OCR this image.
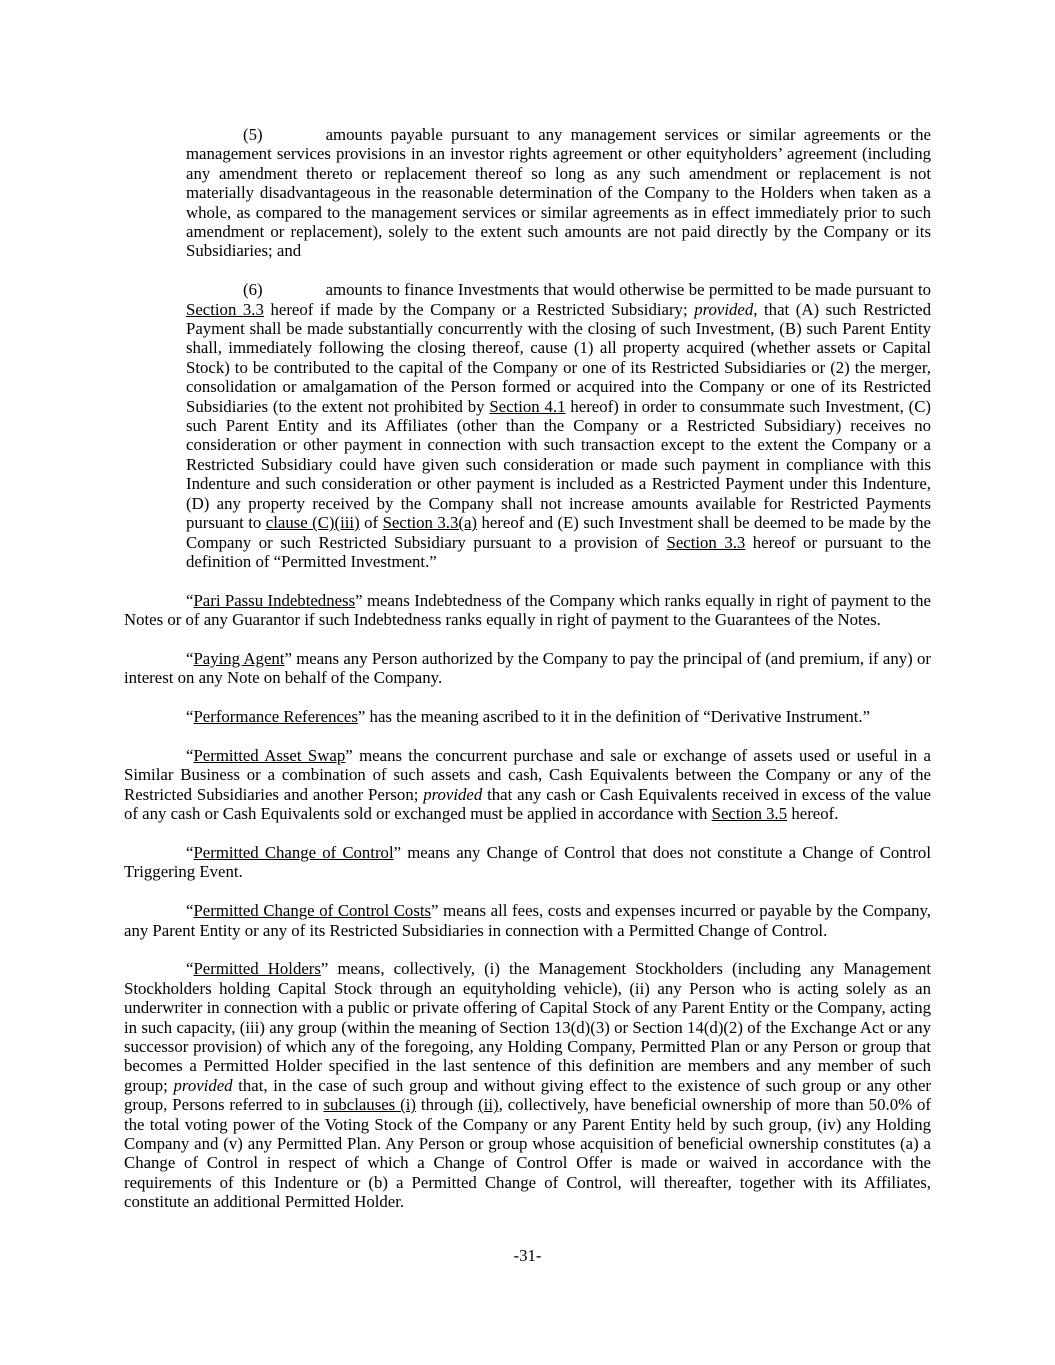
(5)	amounts payable pursuant to any management services or similar agreements or the management services provisions in an investor rights agreement or other equityholders’ agreement (including any amendment thereto or replacement thereof so long as any such amendment or replacement is not materially disadvantageous in the reasonable determination of the Company to the Holders when taken as a whole, as compared to the management services or similar agreements as in effect immediately prior to such amendment or replacement), solely to the extent such amounts are not paid directly by the Company or its Subsidiaries; and

(6)	amounts to finance Investments that would otherwise be permitted to be made pursuant to Section 3.3 hereof if made by the Company or a Restricted Subsidiary; provided, that (A) such Restricted Payment shall be made substantially concurrently with the closing of such Investment, (B) such Parent Entity shall, immediately following the closing thereof, cause (1) all property acquired (whether assets or Capital Stock) to be contributed to the capital of the Company or one of its Restricted Subsidiaries or (2) the merger, consolidation or amalgamation of the Person formed or acquired into the Company or one of its Restricted Subsidiaries (to the extent not prohibited by Section 4.1 hereof) in order to consummate such Investment, (C) such Parent Entity and its Affiliates (other than the Company or a Restricted Subsidiary) receives no consideration or other payment in connection with such transaction except to the extent the Company or a Restricted Subsidiary could have given such consideration or made such payment in compliance with this Indenture and such consideration or other payment is included as a Restricted Payment under this Indenture, (D) any property received by the Company shall not increase amounts available for Restricted Payments pursuant to clause (C)(iii) of Section 3.3(a) hereof and (E) such Investment shall be deemed to be made by the Company or such Restricted Subsidiary pursuant to a provision of Section 3.3 hereof or pursuant to the definition of “Permitted Investment.”

“Pari Passu Indebtedness” means Indebtedness of the Company which ranks equally in right of payment to the Notes or of any Guarantor if such Indebtedness ranks equally in right of payment to the Guarantees of the Notes.

“Paying Agent” means any Person authorized by the Company to pay the principal of (and premium, if any) or interest on any Note on behalf of the Company.

“Performance References” has the meaning ascribed to it in the definition of “Derivative Instrument.”

“Permitted Asset Swap” means the concurrent purchase and sale or exchange of assets used or useful in a Similar Business or a combination of such assets and cash, Cash Equivalents between the Company or any of the Restricted Subsidiaries and another Person; provided that any cash or Cash Equivalents received in excess of the value of any cash or Cash Equivalents sold or exchanged must be applied in accordance with Section 3.5 hereof.

“Permitted Change of Control” means any Change of Control that does not constitute a Change of Control Triggering Event.

“Permitted Change of Control Costs” means all fees, costs and expenses incurred or payable by the Company, any Parent Entity or any of its Restricted Subsidiaries in connection with a Permitted Change of Control.

“Permitted Holders” means, collectively, (i) the Management Stockholders (including any Management Stockholders holding Capital Stock through an equityholding vehicle), (ii) any Person who is acting solely as an underwriter in connection with a public or private offering of Capital Stock of any Parent Entity or the Company, acting in such capacity, (iii) any group (within the meaning of Section 13(d)(3) or Section 14(d)(2) of the Exchange Act or any successor provision) of which any of the foregoing, any Holding Company, Permitted Plan or any Person or group that becomes a Permitted Holder specified in the last sentence of this definition are members and any member of such group; provided that, in the case of such group and without giving effect to the existence of such group or any other group, Persons referred to in subclauses (i) through (ii), collectively, have beneficial ownership of more than 50.0% of the total voting power of the Voting Stock of the Company or any Parent Entity held by such group, (iv) any Holding Company and (v) any Permitted Plan. Any Person or group whose acquisition of beneficial ownership constitutes (a) a Change of Control in respect of which a Change of Control Offer is made or waived in accordance with the requirements of this Indenture or (b) a Permitted Change of Control, will thereafter, together with its Affiliates, constitute an additional Permitted Holder.

-31-
